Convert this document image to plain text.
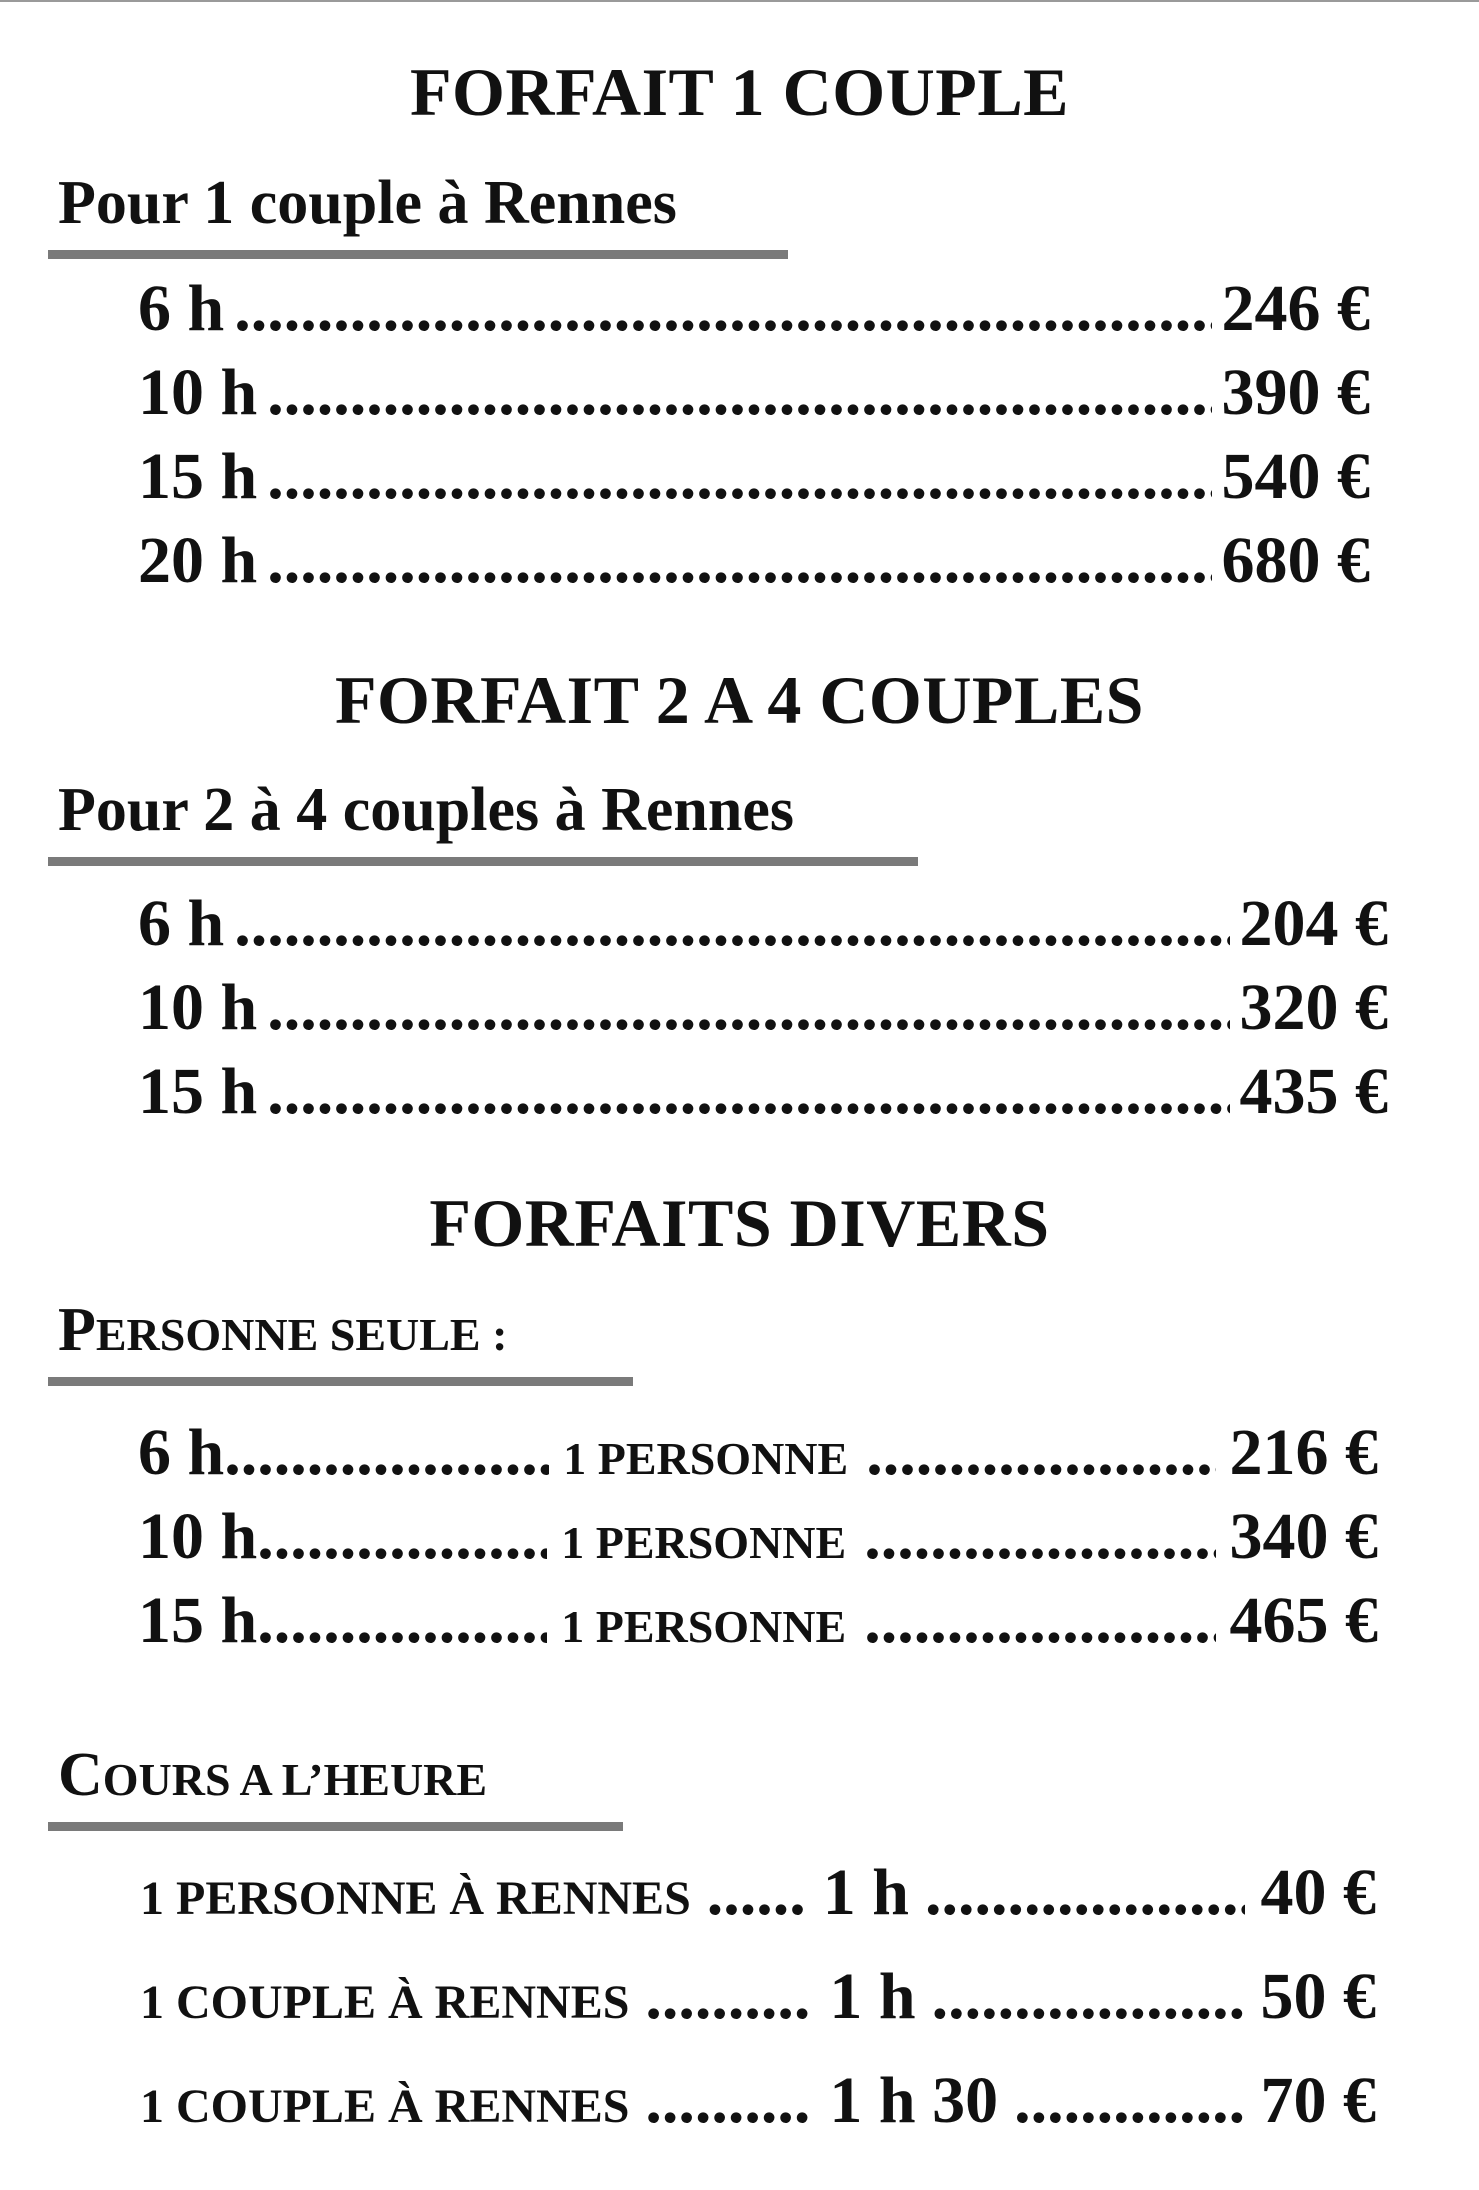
FORFAIT 1 COUPLE
Pour 1 couple à Rennes
6 h .....	246 €
10 h .....	390 €
15 h .....	540 €
20 h .....	680 €
FORFAIT 2 A 4 COUPLES
Pour 2 à 4 couples à Rennes
6 h .....	204 €
10 h .....	320 €
15 h .....	435 €
FORFAITS DIVERS
PERSONNE SEULE :
6 h .....	1 PERSONNE .....	216 €
10 h .....	1 PERSONNE .....	340 €
15 h .....	1 PERSONNE .....	465 €
COURS A L’HEURE
1 PERSONNE À RENNES ..... 1 h .....	40 €
1 COUPLE À RENNES .....	1 h .....	50 €
1 COUPLE À RENNES .....	1 h 30 .....	70 €
